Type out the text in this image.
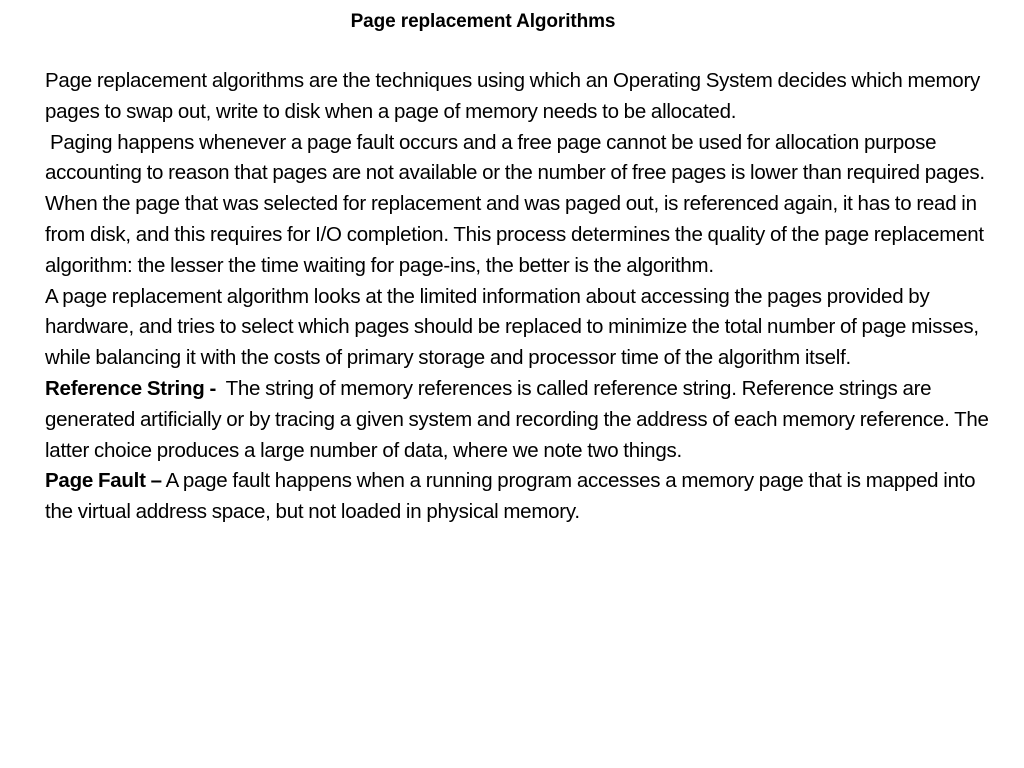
Page replacement Algorithms

Page replacement algorithms are the techniques using which an Operating System decides which memory pages to swap out, write to disk when a page of memory needs to be allocated.

Paging happens whenever a page fault occurs and a free page cannot be used for allocation purpose accounting to reason that pages are not available or the number of free pages is lower than required pages.

When the page that was selected for replacement and was paged out, is referenced again, it has to read in from disk, and this requires for I/O completion. This process determines the quality of the page replacement algorithm: the lesser the time waiting for page-ins, the better is the algorithm.

A page replacement algorithm looks at the limited information about accessing the pages provided by hardware, and tries to select which pages should be replaced to minimize the total number of page misses, while balancing it with the costs of primary storage and processor time of the algorithm itself.

Reference String -  The string of memory references is called reference string. Reference strings are generated artificially or by tracing a given system and recording the address of each memory reference. The latter choice produces a large number of data, where we note two things.

Page Fault – A page fault happens when a running program accesses a memory page that is mapped into the virtual address space, but not loaded in physical memory.
